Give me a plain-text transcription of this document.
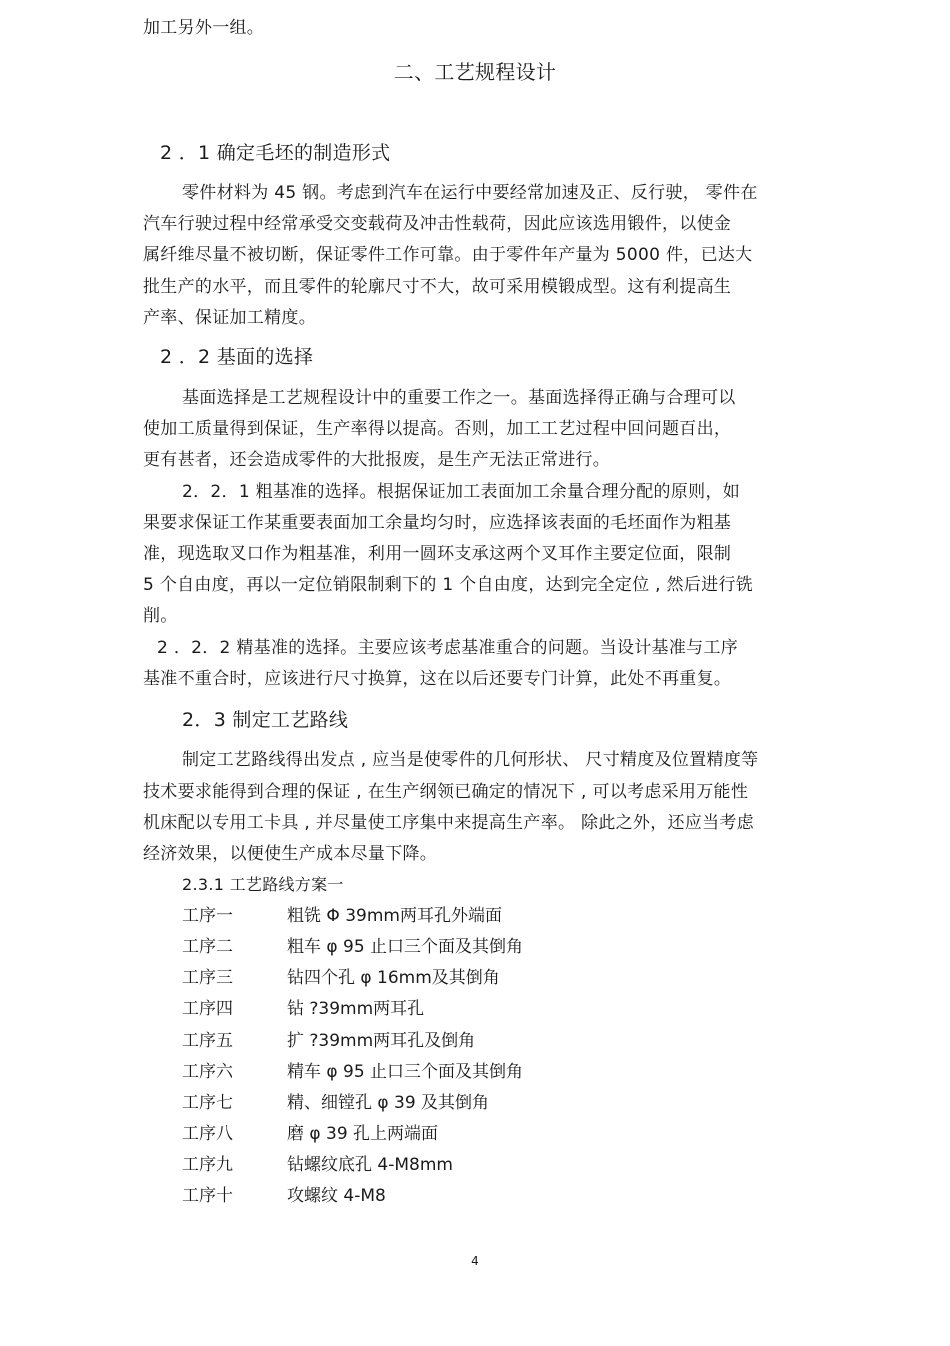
加工另外一组。
二、工艺规程设计
2 ．1 确定毛坯的制造形式
零件材料为 45 钢。考虑到汽车在运行中要经常加速及正、反行驶， 零件在
汽车行驶过程中经常承受交变载荷及冲击性载荷，因此应该选用锻件，以使金
属纤维尽量不被切断，保证零件工作可靠。由于零件年产量为 5000 件，已达大
批生产的水平，而且零件的轮廓尺寸不大，故可采用模锻成型。这有利提高生
产率、保证加工精度。
2 ．2 基面的选择
基面选择是工艺规程设计中的重要工作之一。基面选择得正确与合理可以
使加工质量得到保证，生产率得以提高。否则，加工工艺过程中回问题百出，
更有甚者，还会造成零件的大批报废，是生产无法正常进行。
2．2．1 粗基准的选择。根据保证加工表面加工余量合理分配的原则，如
果要求保证工作某重要表面加工余量均匀时，应选择该表面的毛坯面作为粗基
准，现选取叉口作为粗基准，利用一圆环支承这两个叉耳作主要定位面，限制
5 个自由度，再以一定位销限制剩下的 1 个自由度，达到完全定位 , 然后进行铣
削。
2 ．2．2 精基准的选择。主要应该考虑基准重合的问题。当设计基准与工序
基准不重合时，应该进行尺寸换算，这在以后还要专门计算，此处不再重复。
2．3 制定工艺路线
制定工艺路线得出发点 , 应当是使零件的几何形状、 尺寸精度及位置精度等
技术要求能得到合理的保证 , 在生产纲领已确定的情况下 , 可以考虑采用万能性
机床配以专用工卡具 , 并尽量使工序集中来提高生产率。 除此之外，还应当考虑
经济效果，以便使生产成本尽量下降。
2.3.1 工艺路线方案一
工序一	粗铣 Φ 39mm两耳孔外端面
工序二	粗车 φ 95 止口三个面及其倒角
工序三	钻四个孔 φ 16mm及其倒角
工序四	钻 ?39mm两耳孔
工序五	扩 ?39mm两耳孔及倒角
工序六	精车 φ 95 止口三个面及其倒角
工序七	精、细镗孔 φ 39 及其倒角
工序八	磨 φ 39 孔上两端面
工序九	钻螺纹底孔 4-M8mm
工序十	攻螺纹 4-M8
4
